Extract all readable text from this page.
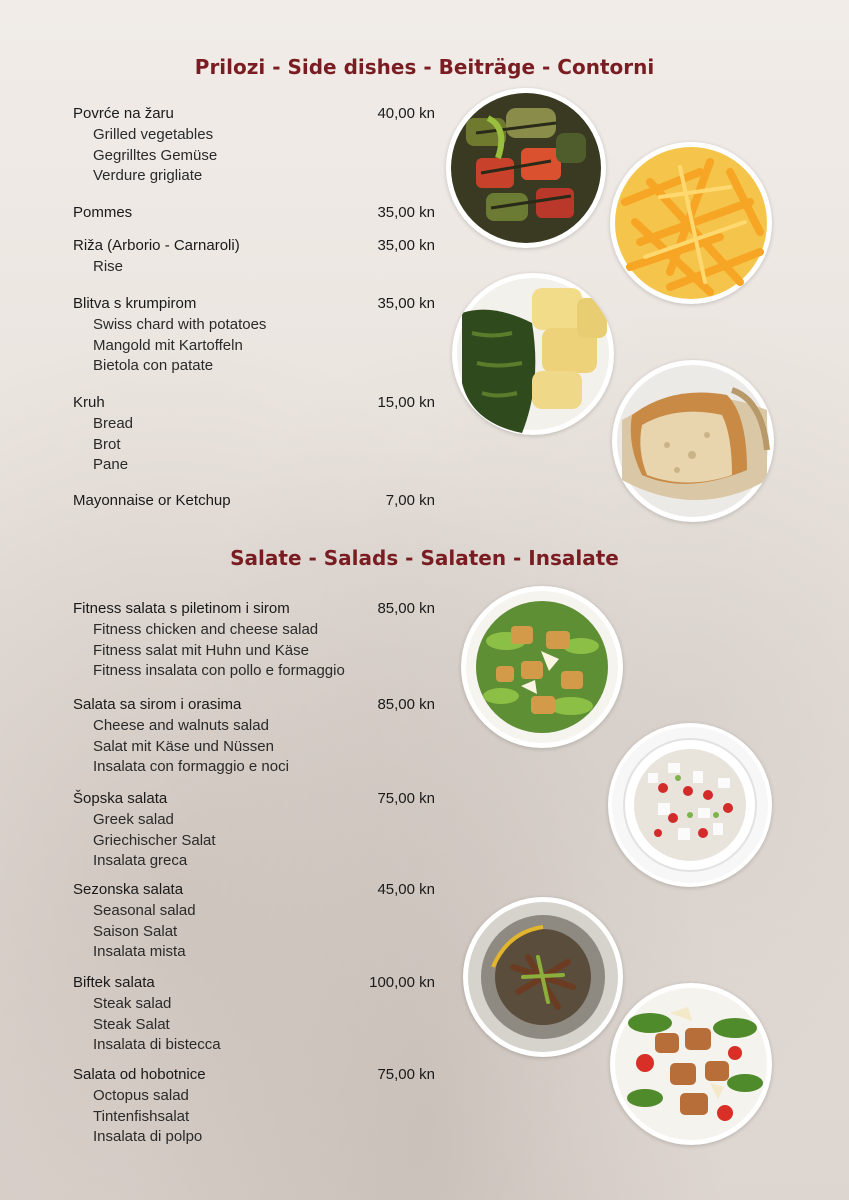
Prilozi - Side dishes - Beiträge - Contorni
Povrće na žaru	40,00 kn
Grilled vegetables
Gegrilltes Gemüse
Verdure grigliate
Pommes	35,00 kn
Riža (Arborio - Carnaroli)	35,00 kn
Rise
Blitva s krumpirom	35,00 kn
Swiss chard with potatoes
Mangold mit Kartoffeln
Bietola con patate
Kruh	15,00 kn
Bread
Brot
Pane
Mayonnaise or Ketchup	7,00 kn
Salate - Salads - Salaten - Insalate
Fitness salata s piletinom i sirom	85,00 kn
Fitness chicken and cheese salad
Fitness salat mit Huhn und Käse
Fitness insalata con pollo e formaggio
Salata sa sirom i orasima	85,00 kn
Cheese and walnuts salad
Salat mit Käse und Nüssen
Insalata con formaggio e noci
Šopska salata	75,00 kn
Greek salad
Griechischer Salat
Insalata greca
Sezonska salata	45,00 kn
Seasonal salad
Saison Salat
Insalata mista
Biftek salata	100,00 kn
Steak salad
Steak Salat
Insalata di bistecca
Salata od hobotnice	75,00 kn
Octopus salad
Tintenfishsalat
Insalata di polpo
